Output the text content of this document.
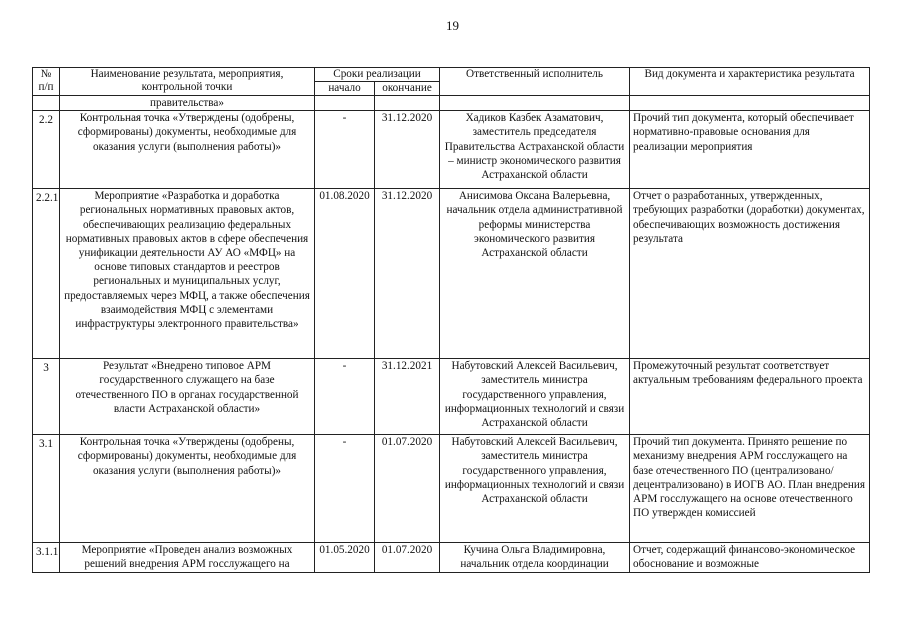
19
№ п/п	Наименование результата, мероприятия, контрольной точки	Сроки реализации		Ответственный исполнитель	Вид документа и характеристика результата
		начало	окончание		
	правительства»				
2.2	Контрольная точка «Утверждены (одобрены, сформированы) документы, необходимые для оказания услуги (выполнения работы)»	-	31.12.2020	Хадиков Казбек Азаматович, заместитель председателя Правительства Астраханской области – министр экономического развития Астраханской области	Прочий тип документа, который обеспечивает нормативно-правовые основания для реализации мероприятия
2.2.1	Мероприятие «Разработка и доработка региональных нормативных правовых актов, обеспечивающих реализацию федеральных нормативных правовых актов в сфере обеспечения унификации деятельности АУ АО «МФЦ» на основе типовых стандартов и реестров региональных и муниципальных услуг, предоставляемых через МФЦ, а также обеспечения взаимодействия МФЦ с элементами инфраструктуры электронного правительства»	01.08.2020	31.12.2020	Анисимова Оксана Валерьевна, начальник отдела административной реформы министерства экономического развития Астраханской области	Отчет о разработанных, утвержденных, требующих разработки (доработки) документах, обеспечивающих возможность достижения результата
3	Результат «Внедрено типовое АРМ государственного служащего на базе отечественного ПО в органах государственной власти Астраханской области»	-	31.12.2021	Набутовский Алексей Васильевич, заместитель министра государственного управления, информационных технологий и связи Астраханской области	Промежуточный результат соответствует актуальным требованиям федерального проекта
3.1	Контрольная точка «Утверждены (одобрены, сформированы) документы, необходимые для оказания услуги (выполнения работы)»	-	01.07.2020	Набутовский Алексей Васильевич, заместитель министра государственного управления, информационных технологий и связи Астраханской области	Прочий тип документа. Принято решение по механизму внедрения АРМ госслужащего на базе отечественного ПО (централизовано/ децентрализовано) в ИОГВ АО. План внедрения АРМ госслужащего на основе отечественного ПО утвержден комиссией

3.1.1	Мероприятие «Проведен анализ возможных решений внедрения АРМ госслужащего на	01.05.2020	01.07.2020	Кучина Ольга Владимировна, начальник отдела координации	Отчет, содержащий финансово-экономическое обоснование и возможные
